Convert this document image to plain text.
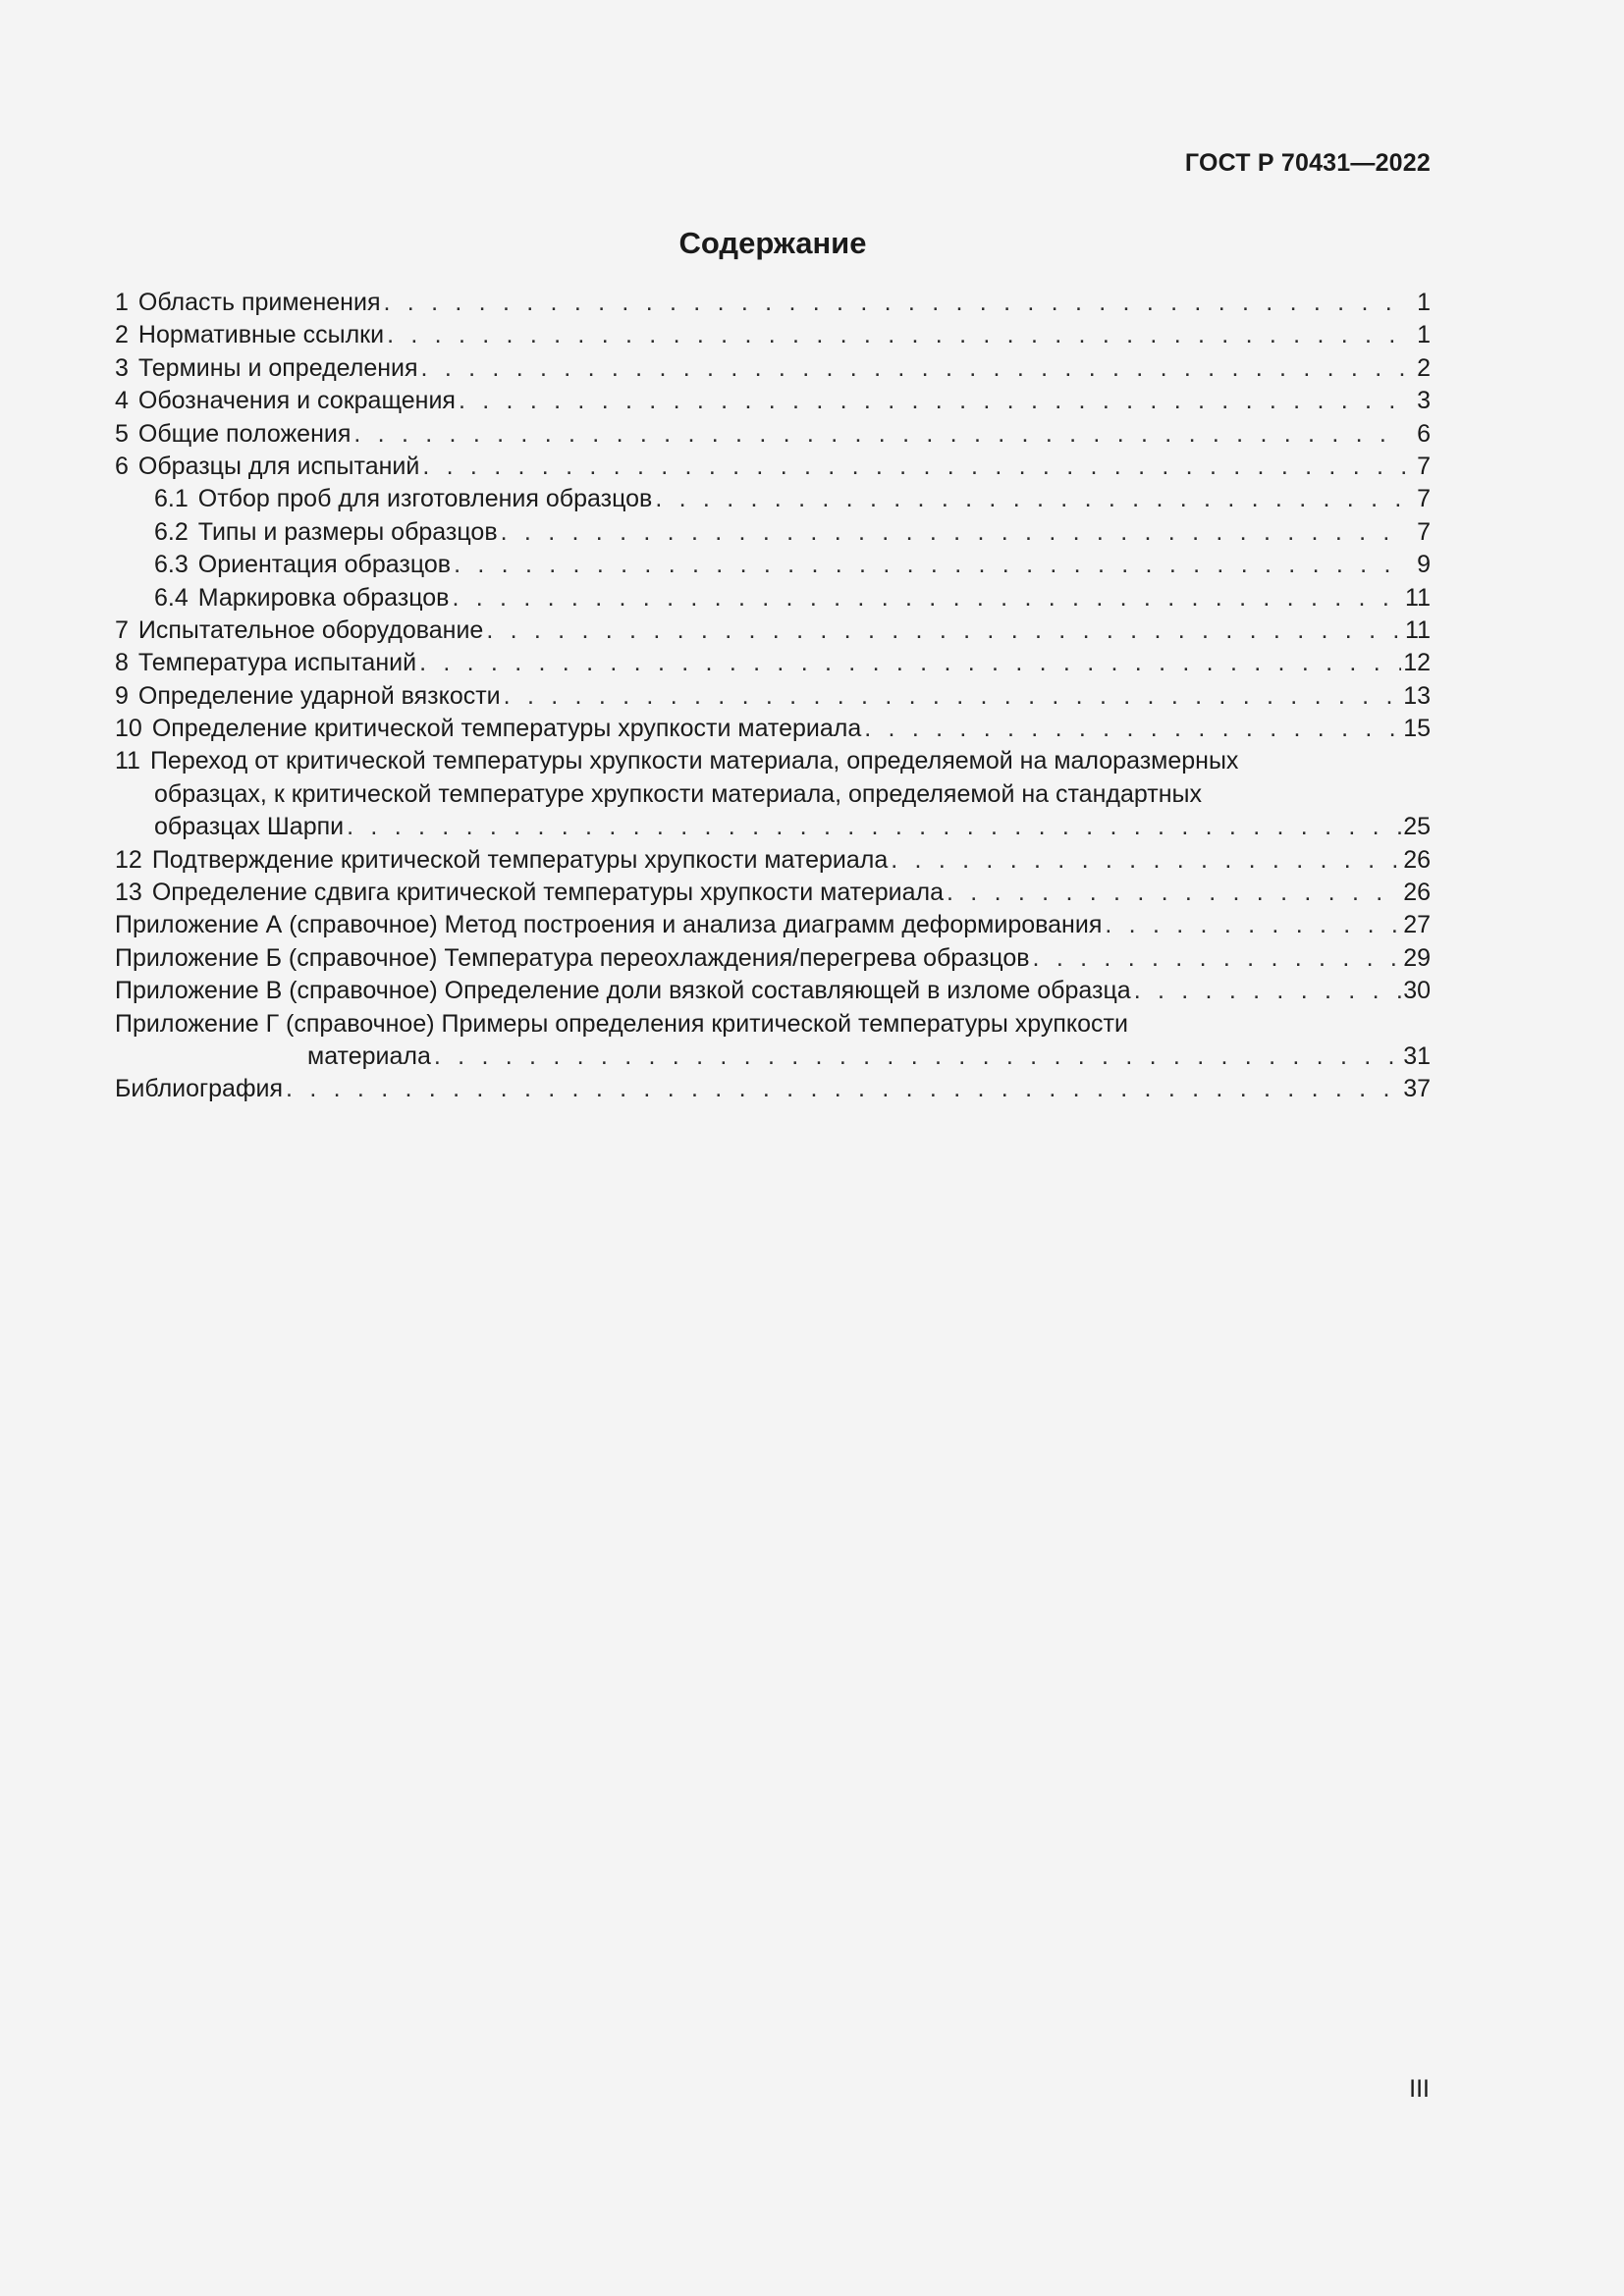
ГОСТ Р 70431—2022
Содержание
1 Область применения . . .	1
2 Нормативные ссылки . . .	1
3 Термины и определения . . .	2
4 Обозначения и сокращения . . .	3
5 Общие положения . . .	6
6 Образцы для испытаний . . .	7
6.1 Отбор проб для изготовления образцов . . .	7
6.2 Типы и размеры образцов . . .	7
6.3 Ориентация образцов . . .	9
6.4 Маркировка образцов . . .	11
7 Испытательное оборудование . . .	11
8 Температура испытаний . . .	12
9 Определение ударной вязкости . . .	13
10 Определение критической температуры хрупкости материала . . .	15
11 Переход от критической температуры хрупкости материала, определяемой на малоразмерных
образцах, к критической температуре хрупкости материала, определяемой на стандартных
образцах Шарпи . . .	25
12 Подтверждение критической температуры хрупкости материала . . .	26
13 Определение сдвига критической температуры хрупкости материала . . .	26
Приложение А (справочное) Метод построения и анализа диаграмм деформирования . . .	27
Приложение Б (справочное) Температура переохлаждения/перегрева образцов . . .	29
Приложение В (справочное) Определение доли вязкой составляющей в изломе образца . . .	30
Приложение Г (справочное) Примеры определения критической температуры хрупкости
материала . . .	31
Библиография . . .	37
III
